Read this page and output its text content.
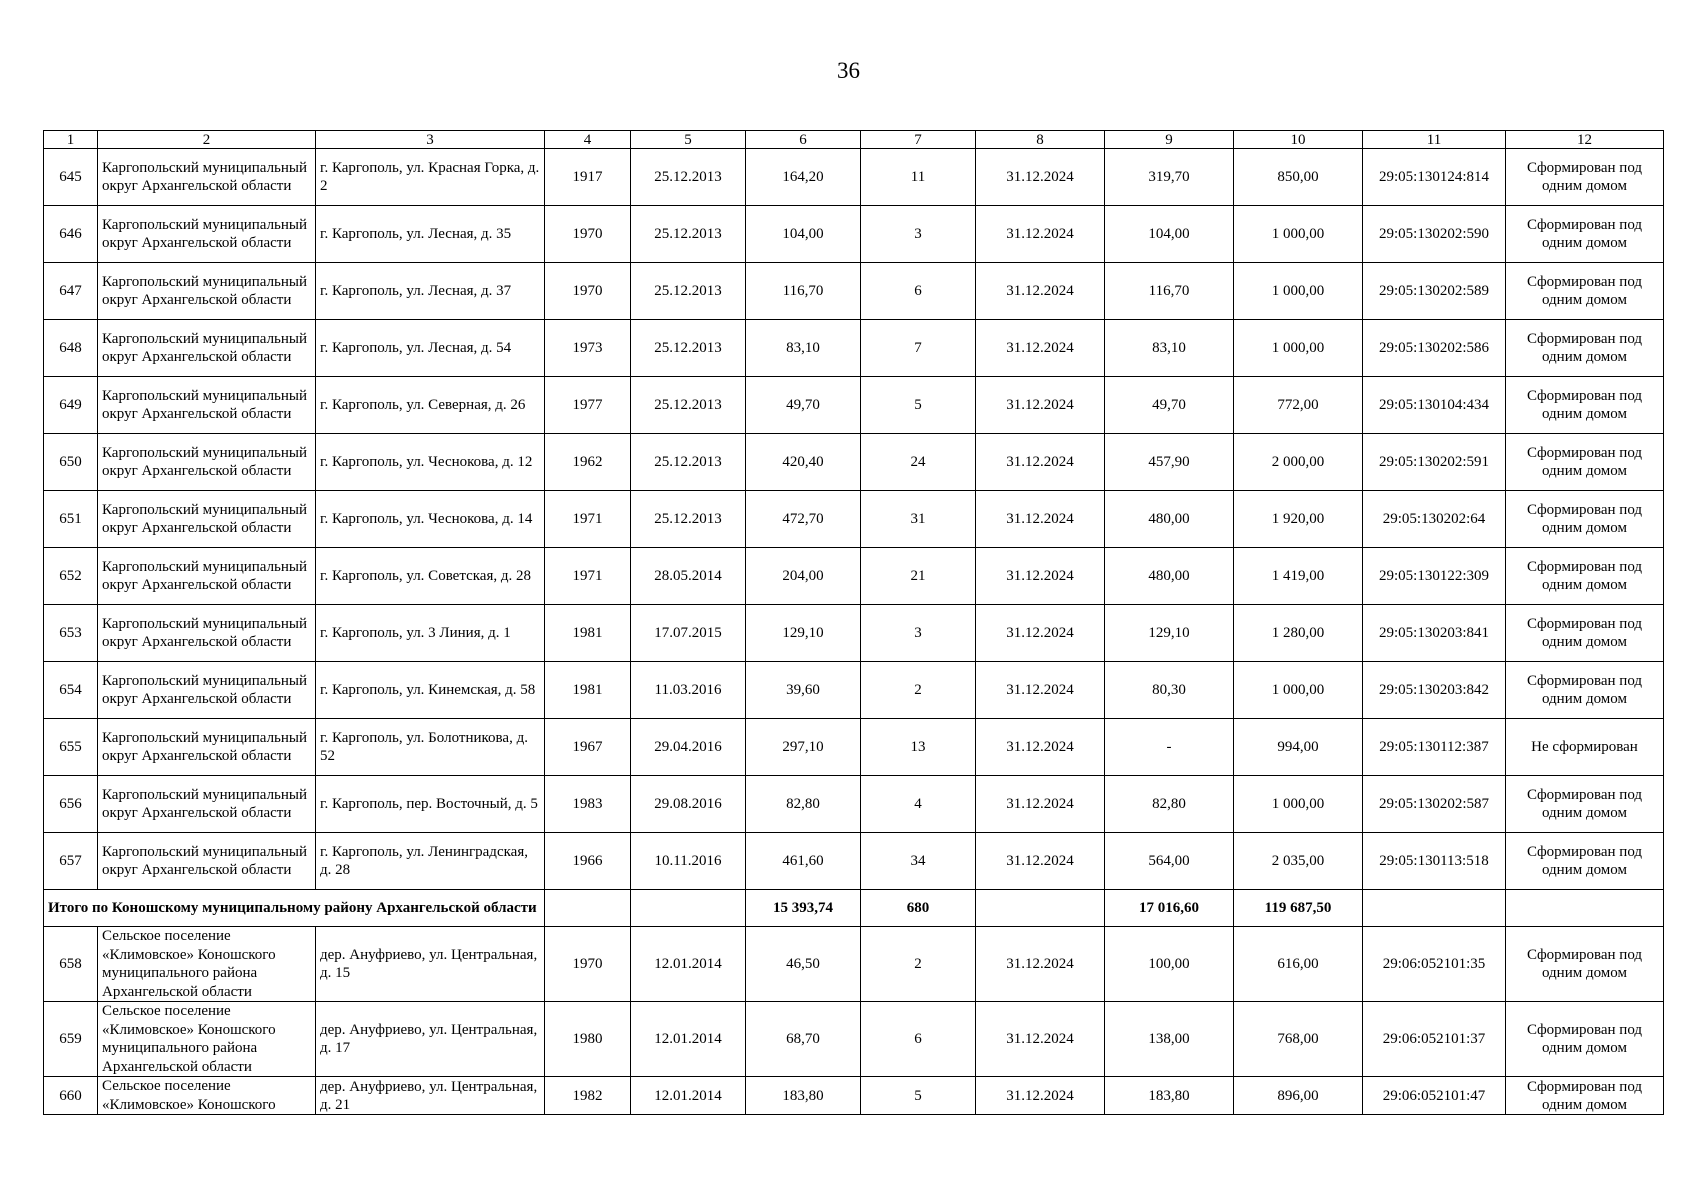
36
1	2	3	4	5	6	7	8	9	10	11	12
645	Каргопольский муниципальный округ Архангельской области	г. Каргополь, ул. Красная Горка, д. 2	1917	25.12.2013	164,20	11	31.12.2024	319,70	850,00	29:05:130124:814	Сформирован под одним домом
646	Каргопольский муниципальный округ Архангельской области	г. Каргополь, ул. Лесная, д. 35	1970	25.12.2013	104,00	3	31.12.2024	104,00	1 000,00	29:05:130202:590	Сформирован под одним домом
647	Каргопольский муниципальный округ Архангельской области	г. Каргополь, ул. Лесная, д. 37	1970	25.12.2013	116,70	6	31.12.2024	116,70	1 000,00	29:05:130202:589	Сформирован под одним домом
648	Каргопольский муниципальный округ Архангельской области	г. Каргополь, ул. Лесная, д. 54	1973	25.12.2013	83,10	7	31.12.2024	83,10	1 000,00	29:05:130202:586	Сформирован под одним домом
649	Каргопольский муниципальный округ Архангельской области	г. Каргополь, ул. Северная, д. 26	1977	25.12.2013	49,70	5	31.12.2024	49,70	772,00	29:05:130104:434	Сформирован под одним домом
650	Каргопольский муниципальный округ Архангельской области	г. Каргополь, ул. Чеснокова, д. 12	1962	25.12.2013	420,40	24	31.12.2024	457,90	2 000,00	29:05:130202:591	Сформирован под одним домом
651	Каргопольский муниципальный округ Архангельской области	г. Каргополь, ул. Чеснокова, д. 14	1971	25.12.2013	472,70	31	31.12.2024	480,00	1 920,00	29:05:130202:64	Сформирован под одним домом
652	Каргопольский муниципальный округ Архангельской области	г. Каргополь, ул. Советская, д. 28	1971	28.05.2014	204,00	21	31.12.2024	480,00	1 419,00	29:05:130122:309	Сформирован под одним домом
653	Каргопольский муниципальный округ Архангельской области	г. Каргополь, ул. 3 Линия, д. 1	1981	17.07.2015	129,10	3	31.12.2024	129,10	1 280,00	29:05:130203:841	Сформирован под одним домом
654	Каргопольский муниципальный округ Архангельской области	г. Каргополь, ул. Кинемская, д. 58	1981	11.03.2016	39,60	2	31.12.2024	80,30	1 000,00	29:05:130203:842	Сформирован под одним домом
655	Каргопольский муниципальный округ Архангельской области	г. Каргополь, ул. Болотникова, д. 52	1967	29.04.2016	297,10	13	31.12.2024	-	994,00	29:05:130112:387	Не сформирован
656	Каргопольский муниципальный округ Архангельской области	г. Каргополь, пер. Восточный, д. 5	1983	29.08.2016	82,80	4	31.12.2024	82,80	1 000,00	29:05:130202:587	Сформирован под одним домом
657	Каргопольский муниципальный округ Архангельской области	г. Каргополь, ул. Ленинградская, д. 28	1966	10.11.2016	461,60	34	31.12.2024	564,00	2 035,00	29:05:130113:518	Сформирован под одним домом
Итого по Коношскому муниципальному району Архангельской области					15 393,74	680		17 016,60	119 687,50		
658	Сельское поселение «Климовское» Коношского муниципального района Архангельской области	дер. Ануфриево, ул. Центральная, д. 15	1970	12.01.2014	46,50	2	31.12.2024	100,00	616,00	29:06:052101:35	Сформирован под одним домом
659	Сельское поселение «Климовское» Коношского муниципального района Архангельской области	дер. Ануфриево, ул. Центральная, д. 17	1980	12.01.2014	68,70	6	31.12.2024	138,00	768,00	29:06:052101:37	Сформирован под одним домом
660	Сельское поселение «Климовское» Коношского	дер. Ануфриево, ул. Центральная, д. 21	1982	12.01.2014	183,80	5	31.12.2024	183,80	896,00	29:06:052101:47	Сформирован под одним домом
